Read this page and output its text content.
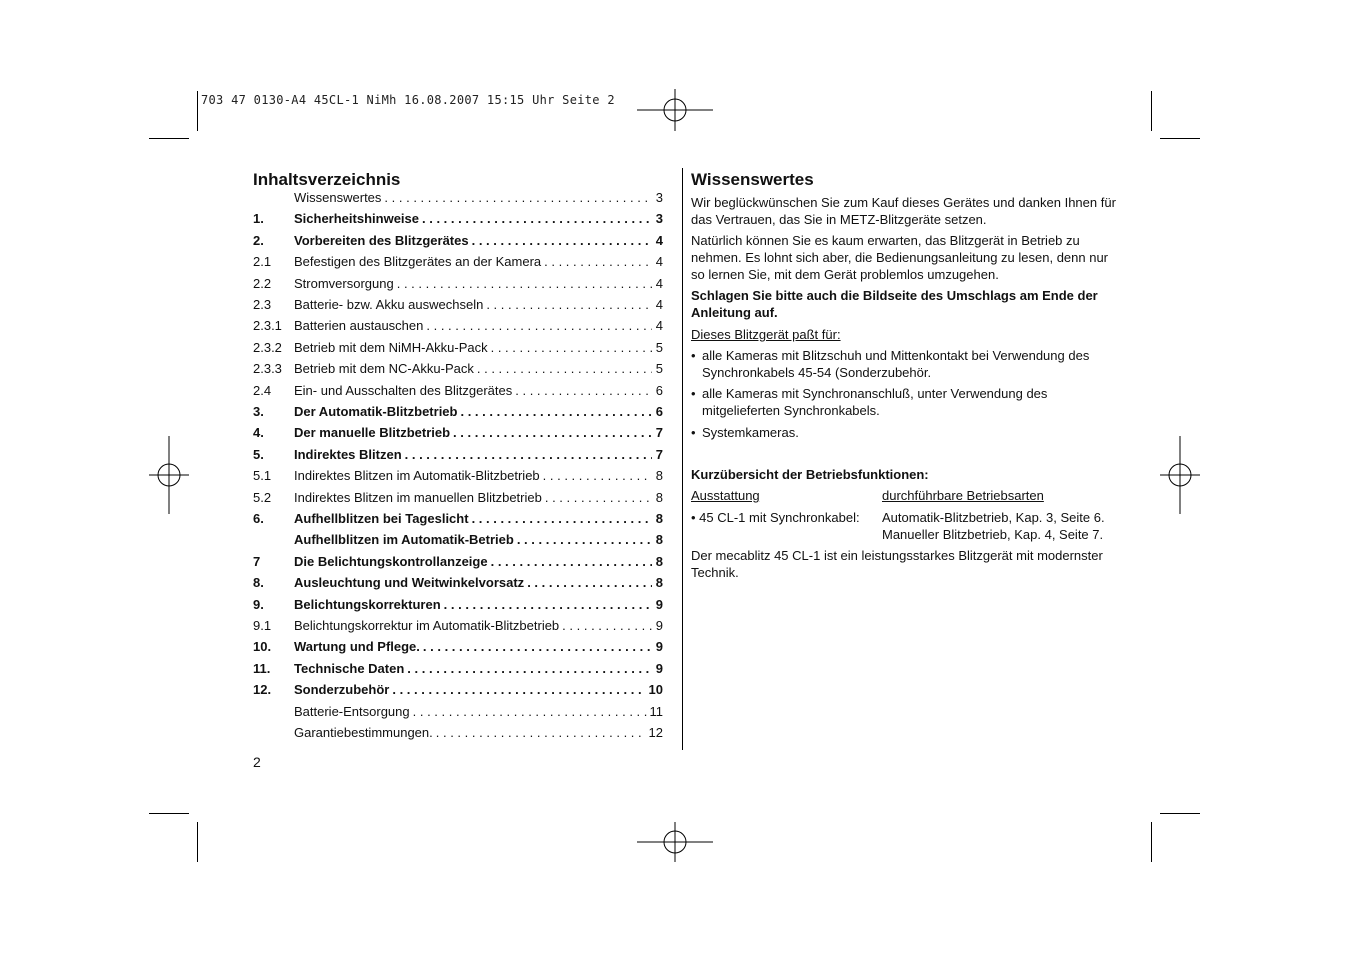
703 47 0130-A4 45CL-1 NiMh 16.08.2007 15:15 Uhr Seite 2
Inhaltsverzeichnis
Wissenswertes . . .	3
1.	Sicherheitshinweise . . .	3
2.	Vorbereiten des Blitzgerätes . . .	4
2.1	Befestigen des Blitzgerätes an der Kamera . . .	4
2.2	Stromversorgung . . .	4
2.3	Batterie- bzw. Akku auswechseln . . .	4
2.3.1 Batterien austauschen . . .	4
2.3.2 Betrieb mit dem NiMH-Akku-Pack . . .	5
2.3.3 Betrieb mit dem NC-Akku-Pack . . .	5
2.4	Ein- und Ausschalten des Blitzgerätes . . .	6
3.	Der Automatik-Blitzbetrieb . . .	6
4.	Der manuelle Blitzbetrieb . . .	7
5.	Indirektes Blitzen . . .	7
5.1	Indirektes Blitzen im Automatik-Blitzbetrieb . . .	8
5.2	Indirektes Blitzen im manuellen Blitzbetrieb . . .	8
6.	Aufhellblitzen bei Tageslicht . . .	8
Aufhellblitzen im Automatik-Betrieb . . .	8
7	Die Belichtungskontrollanzeige . . .	8
8.	Ausleuchtung und Weitwinkelvorsatz . . .	8
9.	Belichtungskorrekturen . . .	9
9.1	Belichtungskorrektur im Automatik-Blitzbetrieb . . .	9
10.	Wartung und Pflege. . . .	9
11.	Technische Daten . . .	9
12.	Sonderzubehör . . .	10
Batterie-Entsorgung . . .	11
Garantiebestimmungen. . . .	12
2
Wissenswertes
Wir beglückwünschen Sie zum Kauf dieses Gerätes und danken Ihnen für das Vertrauen, das Sie in METZ-Blitzgeräte setzen.
Natürlich können Sie es kaum erwarten, das Blitzgerät in Betrieb zu nehmen. Es lohnt sich aber, die Bedienungsanleitung zu lesen, denn nur so lernen Sie, mit dem Gerät problemlos umzugehen.
Schlagen Sie bitte auch die Bildseite des Umschlags am Ende der Anleitung auf.
Dieses Blitzgerät paßt für:
• alle Kameras mit Blitzschuh und Mittenkontakt bei Verwendung des Synchronkabels 45-54 (Sonderzubehör.
• alle Kameras mit Synchronanschluß, unter Verwendung des mitgelieferten Synchronkabels.
• Systemkameras.
Kurzübersicht der Betriebsfunktionen:
Ausstattung	durchführbare Betriebsarten
• 45 CL-1 mit Synchronkabel:	Automatik-Blitzbetrieb, Kap. 3, Seite 6.
Manueller Blitzbetrieb, Kap. 4, Seite 7.
Der mecablitz 45 CL-1 ist ein leistungsstarkes Blitzgerät mit modernster Technik.
